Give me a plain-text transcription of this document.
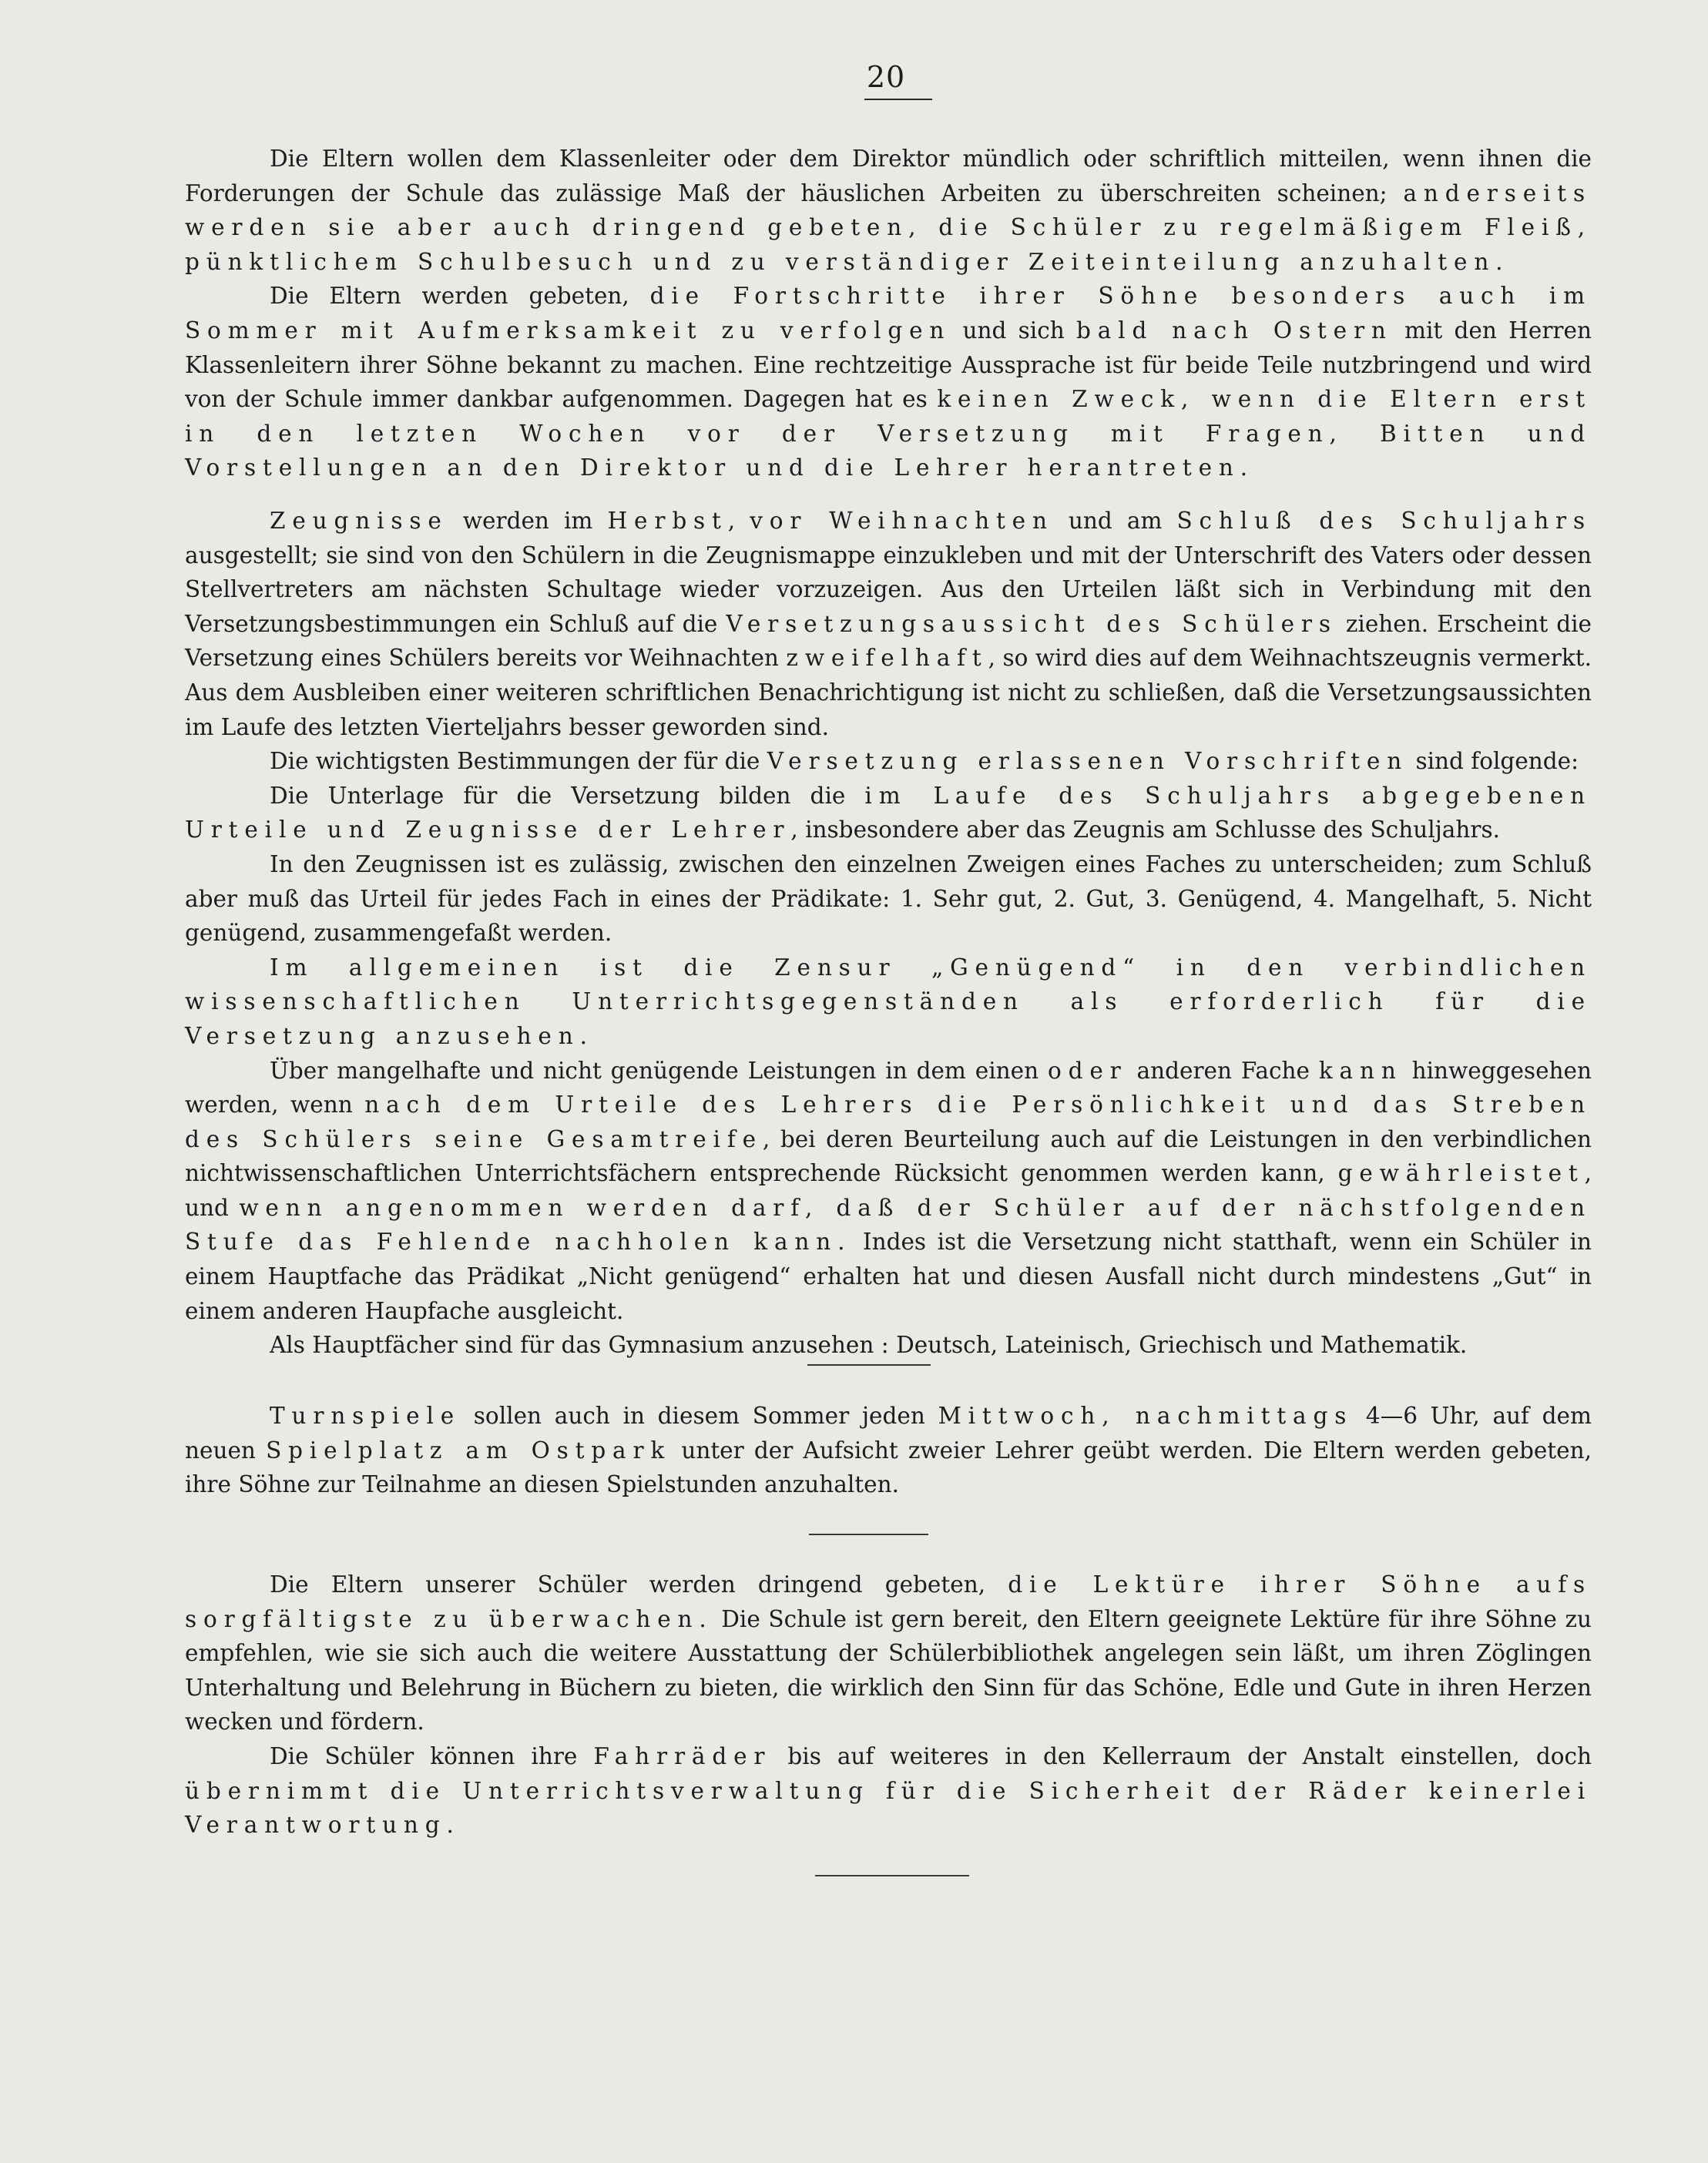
20

Die Eltern wollen dem Klassenleiter oder dem Direktor mündlich oder schriftlich mitteilen, wenn ihnen die Forderungen der Schule das zulässige Maß der häuslichen Arbeiten zu überschreiten scheinen; anderseits werden sie aber auch dringend gebeten, die Schüler zu regelmäßigem Fleiß, pünktlichem Schulbesuch und zu verständiger Zeiteinteilung anzuhalten.

Die Eltern werden gebeten, die Fortschritte ihrer Söhne besonders auch im Sommer mit Aufmerksamkeit zu verfolgen und sich bald nach Ostern mit den Herren Klassenleitern ihrer Söhne bekannt zu machen. Eine rechtzeitige Aussprache ist für beide Teile nutzbringend und wird von der Schule immer dankbar aufgenommen. Dagegen hat es keinen Zweck, wenn die Eltern erst in den letzten Wochen vor der Versetzung mit Fragen, Bitten und Vorstellungen an den Direktor und die Lehrer herantreten.

Zeugnisse werden im Herbst, vor Weihnachten und am Schluß des Schuljahrs ausgestellt; sie sind von den Schülern in die Zeugnismappe einzukleben und mit der Unterschrift des Vaters oder dessen Stellvertreters am nächsten Schultage wieder vorzuzeigen. Aus den Urteilen läßt sich in Verbindung mit den Versetzungsbestimmungen ein Schluß auf die Versetzungsaussicht des Schülers ziehen. Erscheint die Versetzung eines Schülers bereits vor Weihnachten zweifelhaft, so wird dies auf dem Weihnachtszeugnis vermerkt. Aus dem Ausbleiben einer weiteren schriftlichen Benachrichtigung ist nicht zu schließen, daß die Versetzungsaussichten im Laufe des letzten Vierteljahrs besser geworden sind.

Die wichtigsten Bestimmungen der für die Versetzung erlassenen Vorschriften sind folgende:

Die Unterlage für die Versetzung bilden die im Laufe des Schuljahrs abgegebenen Urteile und Zeugnisse der Lehrer, insbesondere aber das Zeugnis am Schlusse des Schuljahrs.

In den Zeugnissen ist es zulässig, zwischen den einzelnen Zweigen eines Faches zu unterscheiden; zum Schluß aber muß das Urteil für jedes Fach in eines der Prädikate: 1. Sehr gut, 2. Gut, 3. Genügend, 4. Mangelhaft, 5. Nicht genügend, zusammengefaßt werden.

Im allgemeinen ist die Zensur „Genügend“ in den verbindlichen wissenschaftlichen Unterrichtsgegenständen als erforderlich für die Versetzung anzusehen.

Über mangelhafte und nicht genügende Leistungen in dem einen oder anderen Fache kann hinweggesehen werden, wenn nach dem Urteile des Lehrers die Persönlichkeit und das Streben des Schülers seine Gesamtreife, bei deren Beurteilung auch auf die Leistungen in den verbindlichen nichtwissenschaftlichen Unterrichtsfächern entsprechende Rücksicht genommen werden kann, gewährleistet, und wenn angenommen werden darf, daß der Schüler auf der nächstfolgenden Stufe das Fehlende nachholen kann. Indes ist die Versetzung nicht statthaft, wenn ein Schüler in einem Hauptfache das Prädikat „Nicht genügend“ erhalten hat und diesen Ausfall nicht durch mindestens „Gut“ in einem anderen Haupfache ausgleicht.

Als Hauptfächer sind für das Gymnasium anzusehen : Deutsch, Lateinisch, Griechisch und Mathematik.

Turnspiele sollen auch in diesem Sommer jeden Mittwoch, nachmittags 4—6 Uhr, auf dem neuen Spielplatz am Ostpark unter der Aufsicht zweier Lehrer geübt werden. Die Eltern werden gebeten, ihre Söhne zur Teilnahme an diesen Spielstunden anzuhalten.

Die Eltern unserer Schüler werden dringend gebeten, die Lektüre ihrer Söhne aufs sorgfältigste zu überwachen. Die Schule ist gern bereit, den Eltern geeignete Lektüre für ihre Söhne zu empfehlen, wie sie sich auch die weitere Ausstattung der Schülerbibliothek angelegen sein läßt, um ihren Zöglingen Unterhaltung und Belehrung in Büchern zu bieten, die wirklich den Sinn für das Schöne, Edle und Gute in ihren Herzen wecken und fördern.

Die Schüler können ihre Fahrräder bis auf weiteres in den Kellerraum der Anstalt einstellen, doch übernimmt die Unterrichtsverwaltung für die Sicherheit der Räder keinerlei Verantwortung.
